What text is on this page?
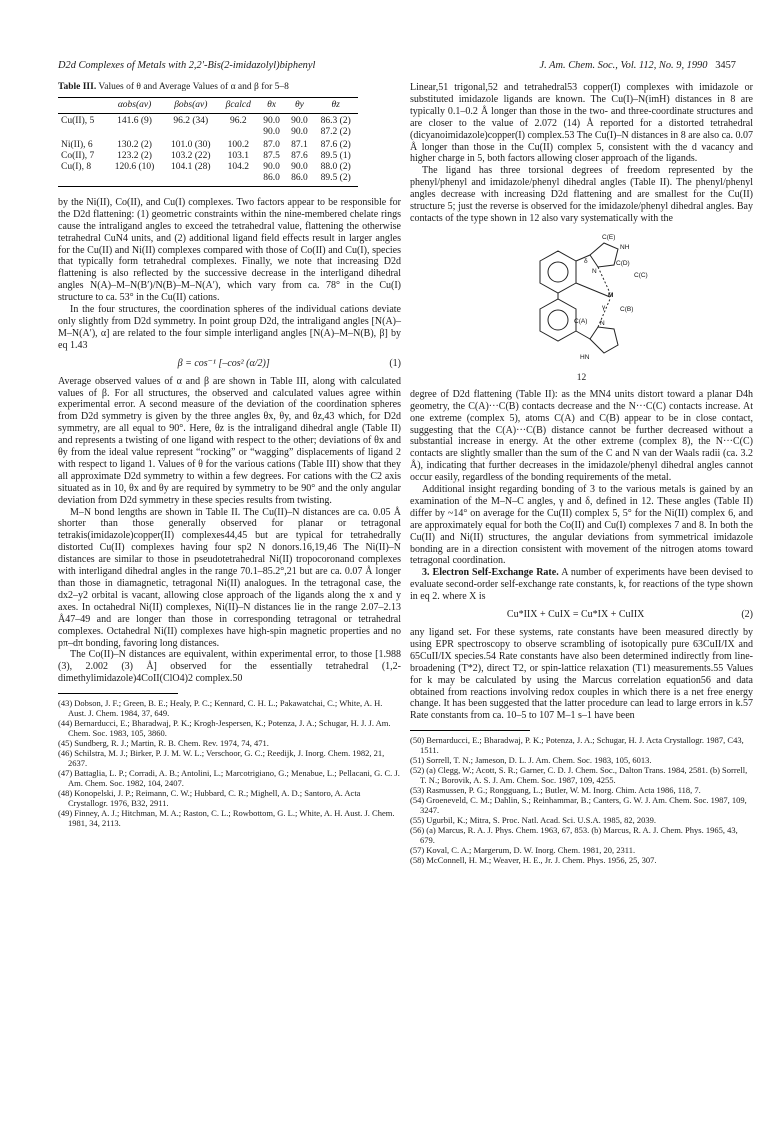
D2d Complexes of Metals with 2,2′-Bis(2-imidazolyl)biphenyl	J. Am. Chem. Soc., Vol. 112, No. 9, 1990 3457
Table III. Values of θ and Average Values of α and β for 5–8
	αobs(av)	βobs(av)	βcalcd	θx	θy	θz
Cu(II), 5	141.6 (9)	96.2 (34)	96.2	90.0	90.0	86.3 (2)
				90.0	90.0	87.2 (2)
Ni(II), 6	130.2 (2)	101.0 (30)	100.2	87.0	87.1	87.6 (2)
Co(II), 7	123.2 (2)	103.2 (22)	103.1	87.5	87.6	89.5 (1)
Cu(I), 8	120.6 (10)	104.1 (28)	104.2	90.0	90.0	88.0 (2)
				86.0	86.0	89.5 (2)

by the Ni(II), Co(II), and Cu(I) complexes. Two factors appear to be responsible for the D2d flattening: (1) geometric constraints within the nine-membered chelate rings cause the intraligand angles to exceed the tetrahedral value, flattening the otherwise tetrahedral CuN4 units, and (2) additional ligand field effects result in larger angles for the Cu(II) and Ni(II) complexes compared with those of Co(II) and Cu(I), species that typically form tetrahedral complexes. Finally, we note that increasing D2d flattening is also reflected by the successive decrease in the interligand dihedral angles N(A)–M–N(B′)/N(B)–M–N(A′), which vary from ca. 78° in the Cu(I) structure to ca. 53° in the Cu(II) cations.

In the four structures, the coordination spheres of the individual cations deviate only slightly from D2d symmetry. In point group D2d, the intraligand angles [N(A)–M–N(A′), α] are related to the four simple interligand angles [N(A)–M–N(B), β] by eq 1.43

β = cos⁻¹ [–cos² (α/2)]	(1)

Average observed values of α and β are shown in Table III, along with calculated values of β. For all structures, the observed and calculated values agree within experimental error. A second measure of the deviation of the coordination spheres from D2d symmetry is given by the three angles θx, θy, and θz,43 which, for D2d symmetry, are all equal to 90°. Here, θz is the intraligand dihedral angle (Table II) and represents a twisting of one ligand with respect to the other; deviations of θx and θy from the ideal value represent “rocking” or “wagging” displacements of ligand 2 with respect to ligand 1. Values of θ for the various cations (Table III) show that they all approximate D2d symmetry to within a few degrees. For cations with the C2 axis situated as in 10, θx and θy are required by symmetry to be 90° and the only angular deviation from D2d symmetry in these species results from twisting.

M–N bond lengths are shown in Table II. The Cu(II)–N distances are ca. 0.05 Å shorter than those generally observed for planar or tetragonal tetrakis(imidazole)copper(II) complexes44,45 but are typical for tetrahedrally distorted Cu(II) complexes having four sp2 N donors.16,19,46 The Ni(II)–N distances are similar to those in pseudotetrahedral Ni(II) tropocoronand complexes with interligand dihedral angles in the range 70.1–85.2°,21 but are ca. 0.07 Å longer than those in diamagnetic, tetragonal Ni(II) analogues. In the tetragonal case, the dx2–y2 orbital is vacant, allowing close approach of the ligands along the x and y axes. In octahedral Ni(II) complexes, Ni(II)–N distances lie in the range 2.07–2.13 Å47–49 and are longer than those in corresponding tetragonal or tetrahedral complexes. Octahedral Ni(II) complexes have high-spin magnetic properties and no pπ–dπ bonding, favoring long distances.

The Co(II)–N distances are equivalent, within experimental error, to those [1.988 (3), 2.002 (3) Å] observed for the essentially tetrahedral (1,2-dimethylimidazole)4CoII(ClO4)2 complex.50

(43) Dobson, J. F.; Green, B. E.; Healy, P. C.; Kennard, C. H. L.; Pakawatchai, C.; White, A. H. Aust. J. Chem. 1984, 37, 649.
(44) Bernarducci, E.; Bharadwaj, P. K.; Krogh-Jespersen, K.; Potenza, J. A.; Schugar, H. J. J. Am. Chem. Soc. 1983, 105, 3860.
(45) Sundberg, R. J.; Martin, R. B. Chem. Rev. 1974, 74, 471.
(46) Schilstra, M. J.; Birker, P. J. M. W. L.; Verschoor, G. C.; Reedijk, J. Inorg. Chem. 1982, 21, 2637.
(47) Battaglia, L. P.; Corradi, A. B.; Antolini, L.; Marcotrigiano, G.; Menabue, L.; Pellacani, G. C. J. Am. Chem. Soc. 1982, 104, 2407.
(48) Konopelski, J. P.; Reimann, C. W.; Hubbard, C. R.; Mighell, A. D.; Santoro, A. Acta Crystallogr. 1976, B32, 2911.
(49) Finney, A. J.; Hitchman, M. A.; Raston, C. L.; Rowbottom, G. L.; White, A. H. Aust. J. Chem. 1981, 34, 2113.

Linear,51 trigonal,52 and tetrahedral53 copper(I) complexes with imidazole or substituted imidazole ligands are known. The Cu(I)–N(imH) distances in 8 are typically 0.1–0.2 Å longer than those in the two- and three-coordinate structures and are closer to the value of 2.072 (14) Å reported for a distorted tetrahedral (dicyanoimidazole)copper(I) complex.53 The Cu(I)–N distances in 8 are also ca. 0.07 Å longer than those in the Cu(II) complex 5, consistent with the d vacancy and higher charge in 5, both factors allowing closer approach of the ligands.

The ligand has three torsional degrees of freedom represented by the phenyl/phenyl and imidazole/phenyl dihedral angles (Table II). The phenyl/phenyl angles decrease with increasing D2d flattening and are smallest for the Cu(II) structure 5; just the reverse is observed for the imidazole/phenyl dihedral angles. Bay contacts of the type shown in 12 also vary systematically with the

C(E)
NH
δ
N
C(D)
C(C)
M
γ C(B)
C(A) N
HN
12

degree of D2d flattening (Table II): as the MN4 units distort toward a planar D4h geometry, the C(A)···C(B) contacts decrease and the N···C(C) contacts increase. At one extreme (complex 5), atoms C(A) and C(B) appear to be in close contact, suggesting that the C(A)···C(B) distance cannot be further decreased without a substantial increase in energy. At the other extreme (complex 8), the N···C(C) contacts are slightly smaller than the sum of the C and N van der Waals radii (ca. 3.2 Å), indicating that further decreases in the imidazole/phenyl dihedral angles cannot occur easily, regardless of the bonding requirements of the metal.

Additional insight regarding bonding of 3 to the various metals is gained by an examination of the M–N–C angles, γ and δ, defined in 12. These angles (Table II) differ by ~14° on average for the Cu(II) complex 5, 5° for the Ni(II) complex 6, and are approximately equal for both the Co(II) and Cu(I) complexes 7 and 8. In both the Cu(II) and Ni(II) structures, the angular deviations from symmetrical imidazole bonding are in a direction consistent with movement of the nitrogen atoms toward tetragonal coordination.

3. Electron Self-Exchange Rate. A number of experiments have been devised to evaluate second-order self-exchange rate constants, k, for reactions of the type shown in eq 2. where X is

Cu*IIX + CuIX = Cu*IX + CuIIX	(2)

any ligand set. For these systems, rate constants have been measured directly by using EPR spectroscopy to observe scrambling of isotopically pure 63CuII/IX and 65CuII/IX species.54 Rate constants have also been determined indirectly from line-broadening (T*2), direct T2, or spin-lattice relaxation (T1) measurements.55 Values for k may be calculated by using the Marcus correlation equation56 and data obtained from reactions involving redox couples in which there is a net free energy change. It has been suggested that the latter procedure can lead to large errors in k.57 Rate constants from ca. 10–5 to 107 M–1 s–1 have been

(50) Bernarducci, E.; Bharadwaj, P. K.; Potenza, J. A.; Schugar, H. J. Acta Crystallogr. 1987, C43, 1511.
(51) Sorrell, T. N.; Jameson, D. L. J. Am. Chem. Soc. 1983, 105, 6013.
(52) (a) Clegg, W.; Acott, S. R.; Garner, C. D. J. Chem. Soc., Dalton Trans. 1984, 2581. (b) Sorrell, T. N.; Borovik, A. S. J. Am. Chem. Soc. 1987, 109, 4255.
(53) Rasmussen, P. G.; Rongguang, L.; Butler, W. M. Inorg. Chim. Acta 1986, 118, 7.
(54) Groeneveld, C. M.; Dahlin, S.; Reinhammar, B.; Canters, G. W. J. Am. Chem. Soc. 1987, 109, 3247.
(55) Ugurbil, K.; Mitra, S. Proc. Natl. Acad. Sci. U.S.A. 1985, 82, 2039.
(56) (a) Marcus, R. A. J. Phys. Chem. 1963, 67, 853. (b) Marcus, R. A. J. Chem. Phys. 1965, 43, 679.
(57) Koval, C. A.; Margerum, D. W. Inorg. Chem. 1981, 20, 2311.
(58) McConnell, H. M.; Weaver, H. E., Jr. J. Chem. Phys. 1956, 25, 307.
